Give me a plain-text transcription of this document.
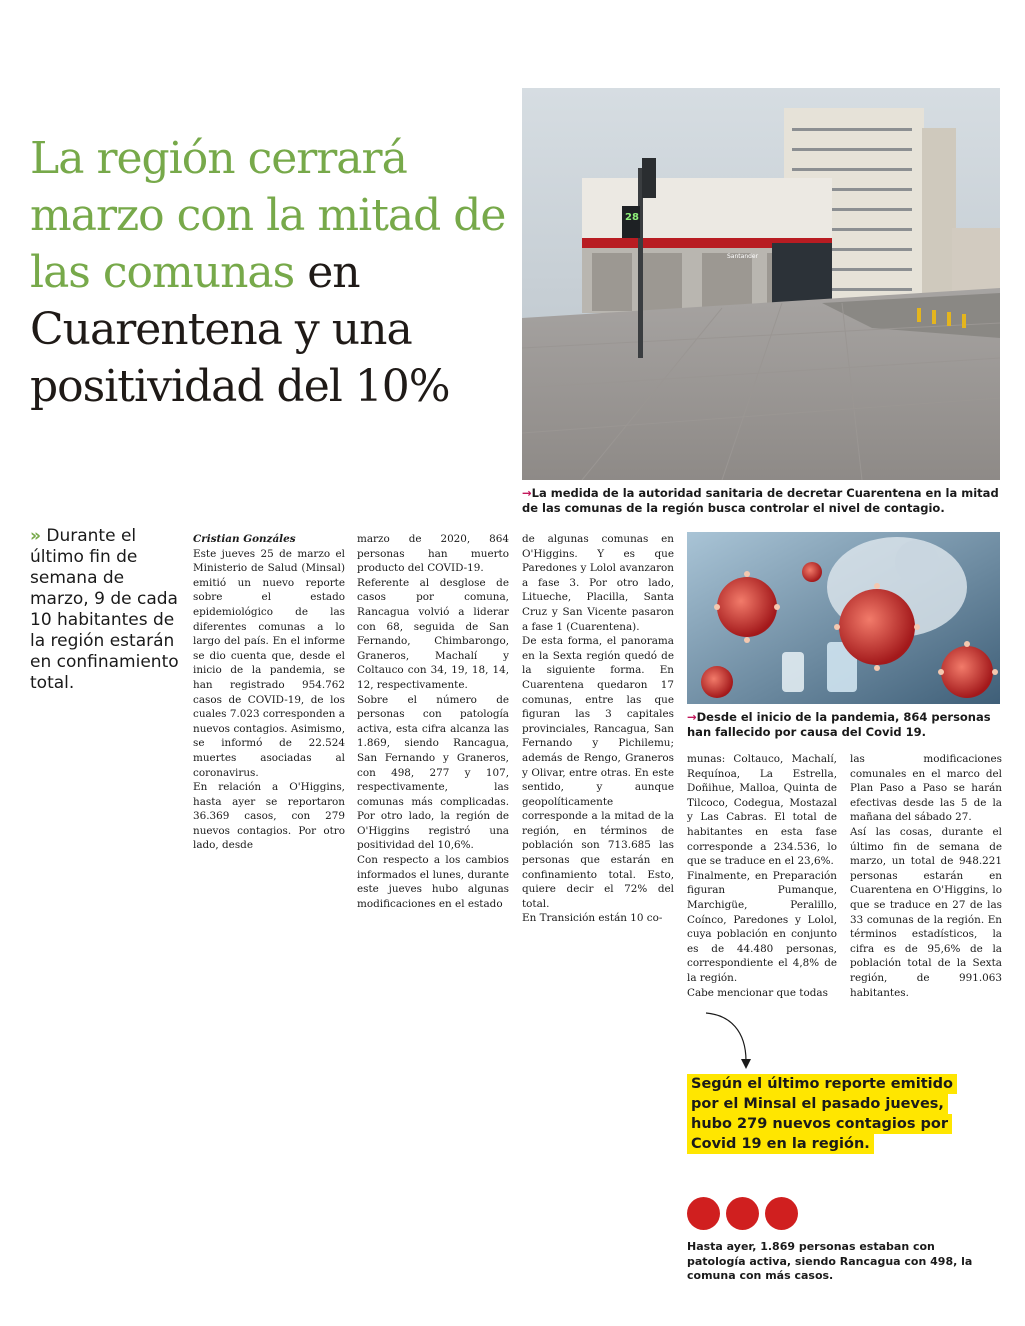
La región cerrará marzo con la mitad de las comunas en Cuarentena y una positividad del 10%
28
Santander
→La medida de la autoridad sanitaria de decretar Cuarentena en la mitad de las comunas de la región busca controlar el nivel de contagio.
» Durante el último fin de semana de marzo, 9 de cada 10 habitantes de la región estarán en confinamiento total.

Cristian Gonzáles

Este jueves 25 de marzo el Ministerio de Salud (Minsal) emitió un nuevo reporte sobre el estado epidemiológico de las diferentes comunas a lo largo del país. En el informe se dio cuenta que, desde el inicio de la pandemia, se han registrado 954.762 casos de COVID-19, de los cuales 7.023 corresponden a nuevos contagios. Asimismo, se informó de 22.524 muertes asociadas al coronavirus.

En relación a O'Higgins, hasta ayer se reportaron 36.369 casos, con 279 nuevos contagios. Por otro lado, desde

marzo de 2020, 864 personas han muerto producto del COVID-19.

Referente al desglose de casos por comuna, Rancagua volvió a liderar con 68, seguida de San Fernando, Chimbarongo, Graneros, Machalí y Coltauco con 34, 19, 18, 14, 12, respectivamente.

Sobre el número de personas con patología activa, esta cifra alcanza las 1.869, siendo Rancagua, San Fernando y Graneros, con 498, 277 y 107, respectivamente, las comunas más complicadas. Por otro lado, la región de O'Higgins registró una positividad del 10,6%.

Con respecto a los cambios informados el lunes, durante este jueves hubo algunas modificaciones en el estado

de algunas comunas en O'Higgins. Y es que Paredones y Lolol avanzaron a fase 3. Por otro lado, Litueche, Placilla, Santa Cruz y San Vicente pasaron a fase 1 (Cuarentena).

De esta forma, el panorama en la Sexta región quedó de la siguiente forma. En Cuarentena quedaron 17 comunas, entre las que figuran las 3 capitales provinciales, Rancagua, San Fernando y Pichilemu; además de Rengo, Graneros y Olivar, entre otras. En este sentido, y aunque geopolíticamente corresponde a la mitad de la región, en términos de población son 713.685 las personas que estarán en confinamiento total. Esto, quiere decir el 72% del total.

En Transición están 10 co-

→Desde el inicio de la pandemia, 864 personas han fallecido por causa del Covid 19.

munas: Coltauco, Machalí, Requínoa, La Estrella, Doñihue, Malloa, Quinta de Tilcoco, Codegua, Mostazal y Las Cabras. El total de habitantes en esta fase corresponde a 234.536, lo que se traduce en el 23,6%.

Finalmente, en Preparación figuran Pumanque, Marchigüe, Peralillo, Coínco, Paredones y Lolol, cuya población en conjunto es de 44.480 personas, correspondiente el 4,8% de la región.

Cabe mencionar que todas

las modificaciones comunales en el marco del Plan Paso a Paso se harán efectivas desde las 5 de la mañana del sábado 27.

Así las cosas, durante el último fin de semana de marzo, un total de 948.221 personas estarán en Cuarentena en O'Higgins, lo que se traduce en 27 de las 33 comunas de la región. En términos estadísticos, la cifra es de 95,6% de la población total de la Sexta región, de 991.063 habitantes.

Según el último reporte emitido por el Minsal el pasado jueves, hubo 279 nuevos contagios por Covid 19 en la región.
Hasta ayer, 1.869 personas estaban con patología activa, siendo Rancagua con 498, la comuna con más casos.
